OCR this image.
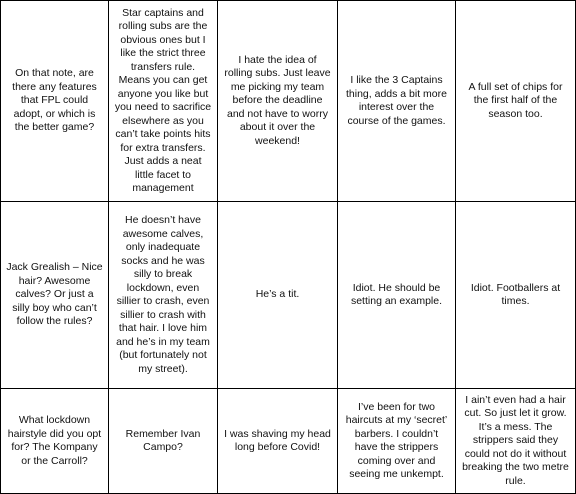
On that note, are there any features that FPL could adopt, or which is the better game?	Star captains and rolling subs are the obvious ones but I like the strict three transfers rule. Means you can get anyone you like but you need to sacrifice elsewhere as you can’t take points hits for extra transfers. Just adds a neat little facet to management	I hate the idea of rolling subs. Just leave me picking my team before the deadline and not have to worry about it over the weekend!	I like the 3 Captains thing, adds a bit more interest over the course of the games.	A full set of chips for the first half of the season too.
Jack Grealish – Nice hair? Awesome calves? Or just a silly boy who can’t follow the rules?	He doesn’t have awesome calves, only inadequate socks and he was silly to break lockdown, even sillier to crash, even sillier to crash with that hair. I love him and he’s in my team (but fortunately not my street).	He’s a tit.	Idiot. He should be setting an example.	Idiot. Footballers at times.
What lockdown hairstyle did you opt for? The Kompany or the Carroll?	Remember Ivan Campo?	I was shaving my head long before Covid!	I’ve been for two haircuts at my ‘secret’ barbers. I couldn’t have the strippers coming over and seeing me unkempt.	I ain’t even had a hair cut. So just let it grow. It’s a mess. The strippers said they could not do it without breaking the two metre rule.
